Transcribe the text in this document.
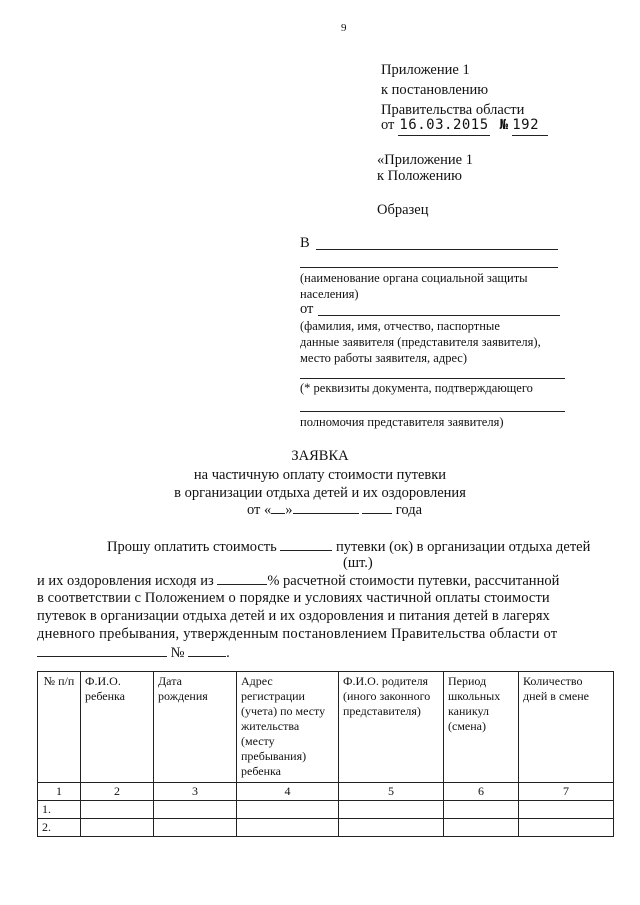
9
Приложение 1
к постановлению
Правительства области
от 16.03.2015 № 192
«Приложение 1
к Положению
Образец
В
(наименование органа социальной защиты
населения)
от
(фамилия, имя, отчество, паспортные
данные заявителя (представителя заявителя),
место работы заявителя, адрес)
(* реквизиты документа, подтверждающего
полномочия представителя заявителя)
ЗАЯВКА
на частичную оплату стоимости путевки
в организации отдыха детей и их оздоровления
от « »	года
Прошу оплатить стоимость	путевки (ок) в организации отдыха детей
(шт.)
и их оздоровления исходя из	% расчетной стоимости путевки, рассчитанной
в соответствии с Положением о порядке и условиях частичной оплаты стоимости
путевок в организации отдыха детей и их оздоровления и питания детей в лагерях
дневного пребывания, утвержденным постановлением Правительства области от
№	.
№ п/п	Ф.И.О. ребенка	Дата рождения	Адрес регистрации (учета) по месту жительства (месту пребывания) ребенка	Ф.И.О. родителя (иного законного представителя)	Период школьных каникул (смена)	Количество дней в смене
1	2	3	4	5	6	7
1.						
2.						
